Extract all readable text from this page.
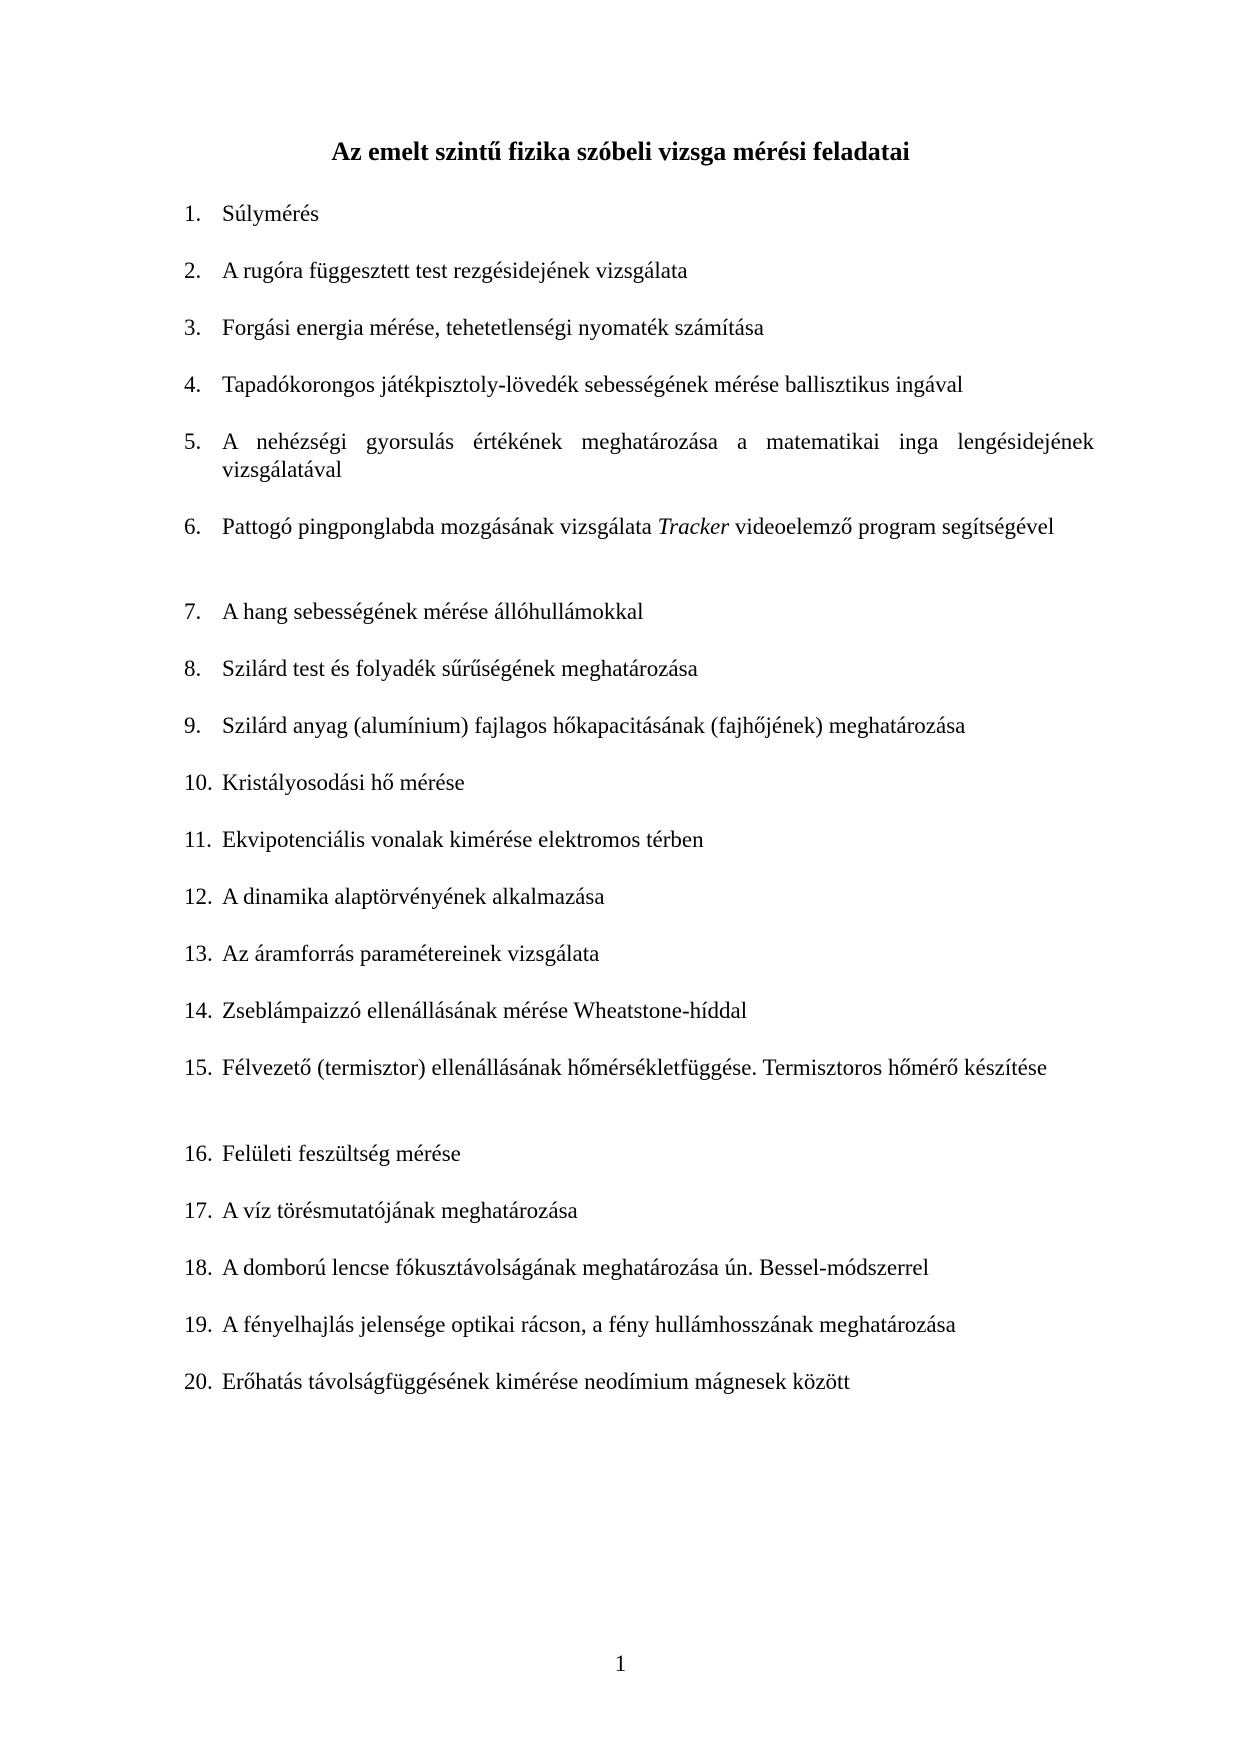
Az emelt szintű fizika szóbeli vizsga mérési feladatai
1. Súlymérés
2. A rugóra függesztett test rezgésidejének vizsgálata
3. Forgási energia mérése, tehetetlenségi nyomaték számítása
4. Tapadókorongos játékpisztoly-lövedék sebességének mérése ballisztikus ingával
5. A nehézségi gyorsulás értékének meghatározása a matematikai inga lengésidejének vizsgálatával
6. Pattogó pingponglabda mozgásának vizsgálata Tracker videoelemző program segítségével
7. A hang sebességének mérése állóhullámokkal
8. Szilárd test és folyadék sűrűségének meghatározása
9. Szilárd anyag (alumínium) fajlagos hőkapacitásának (fajhőjének) meghatározása
10. Kristályosodási hő mérése
11. Ekvipotenciális vonalak kimérése elektromos térben
12. A dinamika alaptörvényének alkalmazása
13. Az áramforrás paramétereinek vizsgálata
14. Zseblámpaizzó ellenállásának mérése Wheatstone-híddal
15. Félvezető (termisztor) ellenállásának hőmérsékletfüggése. Termisztoros hőmérő készítése
16. Felületi feszültség mérése
17. A víz törésmutatójának meghatározása
18. A domború lencse fókusztávolságának meghatározása ún. Bessel-módszerrel
19. A fényelhajlás jelensége optikai rácson, a fény hullámhosszának meghatározása
20. Erőhatás távolságfüggésének kimérése neodímium mágnesek között
1
